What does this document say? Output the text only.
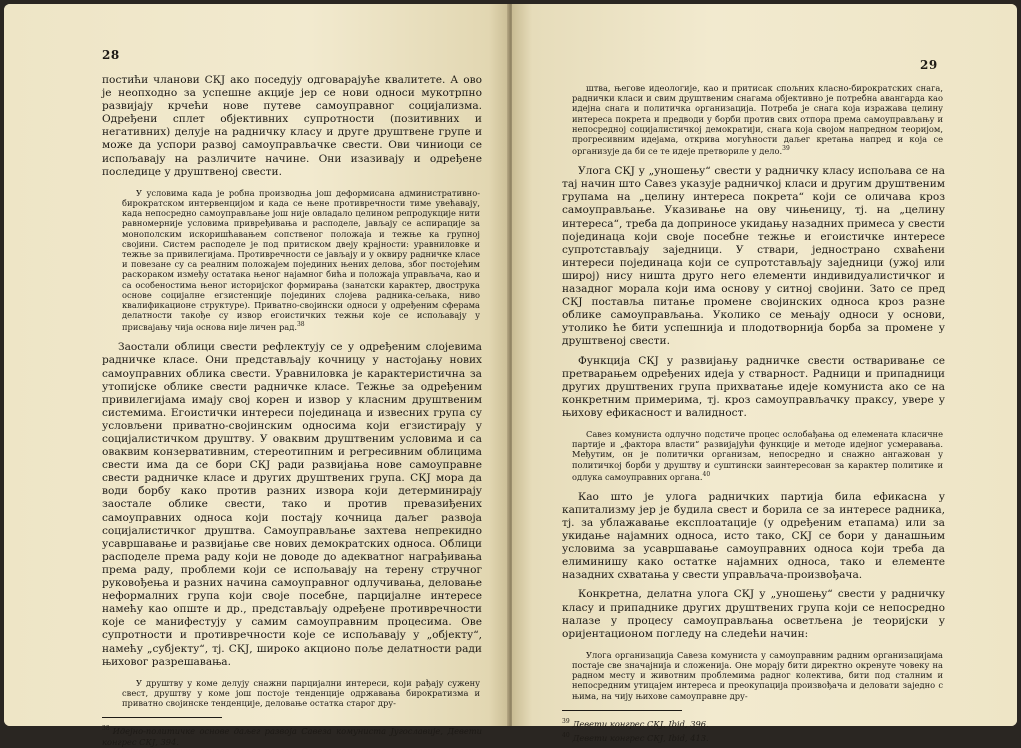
28

постићи чланови СКЈ ако поседују одговарајуће квалитете. А ово је неопходно за успешне акције јер се нови односи мукотрпно развијају крчећи нове путеве самоуправног социјализма. Одређени сплет објективних супротности (позитивних и негативних) делује на радничку класу и друге друштвене групе и може да успори развој самоуправљачке свести. Ови чиниоци се испољавају на различите начине. Они изазивају и одређене последице у друштвеној свести.

У условима када је робна производња још деформисана административно-бирократском интервенцијом и када се њене противречности тиме увећавају, када непосредно самоуправљање још није овладало целином репродукције нити равномерније условима привређивања и расподеле, јављају се аспирације за монополским искоришћавањем сопственог положаја и тежње ка групној својини. Систем расподеле је под притиском двеју крајности: уравниловке и тежње за привилегијама. Противречности се јављају и у оквиру радничке класе и повезане су са реалним положајем појединих њених делова, због постојећим раскораком између остатака њеног најамног бића и положаја управљача, као и са особеностима њеног историјског формирања (занатски карактер, двострука основе социјалне егзистенције појединих слојева радника-сељака, ниво квалификационе структуре). Приватно-својински односи у одређеним сферама делатности такође су извор егоистичких тежњи које се испољавају у присвајању чија основа није личен рад.$^{38}$

Заостали облици свести рефлектују се у одређеним слојевима радничке класе. Они представљају кочницу у настојању нових самоуправних облика свести. Уравниловка је карактеристична за утопијске облике свести радничке класе. Тежње за одређеним привилегијама имају свој корен и извор у класним друштвеним системима. Егоистички интереси појединаца и извесних група су условљени приватно-својинским односима који егзистирају у социјалистичком друштву. У оваквим друштвеним условима и са оваквим конзервативним, стереотипним и регресивним облицима свести има да се бори СКЈ ради развијања нове самоуправне свести радничке класе и других друштвених група. СКЈ мора да води борбу како против разних извора који детерминирају заостале облике свести, тако и против превазиђених самоуправних односа који постају кочница даљег развоја социјалистичког друштва. Самоуправљање захтева непрекидно усавршавање и развијање све нових демократских односа. Облици расподеле према раду који не доводе до адекватног награђивања према раду, проблеми који се испољавају на терену стручног руковођења и разних начина самоуправног одлучивања, деловање неформалних група који своје посебне, парцијалне интересе намећу као опште и др., представљају одређене противречности које се манифестују у самим самоуправним процесима. Ове супротности и противречности које се испољавају у „објекту“, намећу „субјекту“, тј. СКЈ, широко акционо поље делатности ради њиховог разрешавања.

У друштву у коме делују снажни парцијални интереси, који рађају сужену свест, друштву у коме још постоје тенденције одржавања бирократизма и приватно својинске тенденције, деловање остатка старог дру-

$^{38}$ Идејно-политичке основе даљег развоја Савеза комуниста Југославије, Девети конгрес СКЈ, 394.

29

штва, његове идеологије, као и притисак спољних класно-бирократских снага, раднички класи и свим друштвеним снагама објективно је потребна авангарда као идејна снага и политичка организација. Потреба је снага која изражава целину интереса покрета и предводи у борби против свих отпора према самоуправљању и непосредној социјалистичкој демократији, снага која својом напредном теоријом, прогресивним идејама, открива могућности даљег кретања напред и која се организује да би се те идеје претвориле у дело.$^{39}$

Улога СКЈ у „уношењу“ свести у радничку класу испољава се на тај начин што Савез указује радничкој класи и другим друштвеним групама на „целину интереса покрета“ који се оличава кроз самоуправљање. Указивање на ову чињеницу, тј. на „целину интереса“, треба да доприносе укидању назадних примеса у свести појединаца који своје посебне тежње и егоистичке интересе супротстављају заједници. У ствари, једнострано схваћени интереси појединаца који се супротстављају заједници (ужој или широј) нису ништа друго него елементи индивидуалистичког и назадног морала који има основу у ситној својини. Зато се пред СКЈ поставља питање промене својинских односа кроз разне облике самоуправљања. Уколико се мењају односи у основи, утолико ће бити успешнија и плодотворнија борба за промене у друштвеној свести.

Функција СКЈ у развијању радничке свести остваривање се претварањем одређених идеја у стварност. Радници и припадници других друштвених група прихватање идеје комуниста ако се на конкретним примерима, тј. кроз самоуправљачку праксу, увере у њихову ефикасност и валидност.

Савез комуниста одлучно подстиче процес ослобађања од елемената класичне партије и „фактора власти“ развијајући функције и методе идејног усмеравања. Међутим, он је политички организам, непосредно и снажно ангажован у политичкој борби у друштву и суштински заинтересован за карактер политике и одлука самоуправних органа.$^{40}$

Као што је улога радничких партија била ефикасна у капитализму јер је будила свест и борила се за интересе радника, тј. за ублажавање експлоатације (у одређеним етапама) или за укидање најамних односа, исто тако, СКЈ се бори у данашњим условима за усавршавање самоуправних односа који треба да елиминишу како остатке најамних односа, тако и елементе назадних схватања у свести управљача-произвођача.

Конкретна, делатна улога СКЈ у „уношењу“ свести у радничку класу и припаднике других друштвених група који се непосредно налазе у процесу самоуправљања осветљена је теоријски у оријентационом погледу на следећи начин:

Улога организација Савеза комуниста у самоуправним радним организацијама постаје све значајнија и сложенија. Оне морају бити директно окренуте човеку на радном месту и животним проблемима радног колектива, бити под сталним и непосредним утицајем интереса и преокупација произвођача и деловати заједно с њима, на чију њихове самоуправне дру-

$^{39}$ Девети конгрес СКЈ, Ibid, 396.

$^{40}$ Девети конгрес СКЈ, Ibid, 413.
